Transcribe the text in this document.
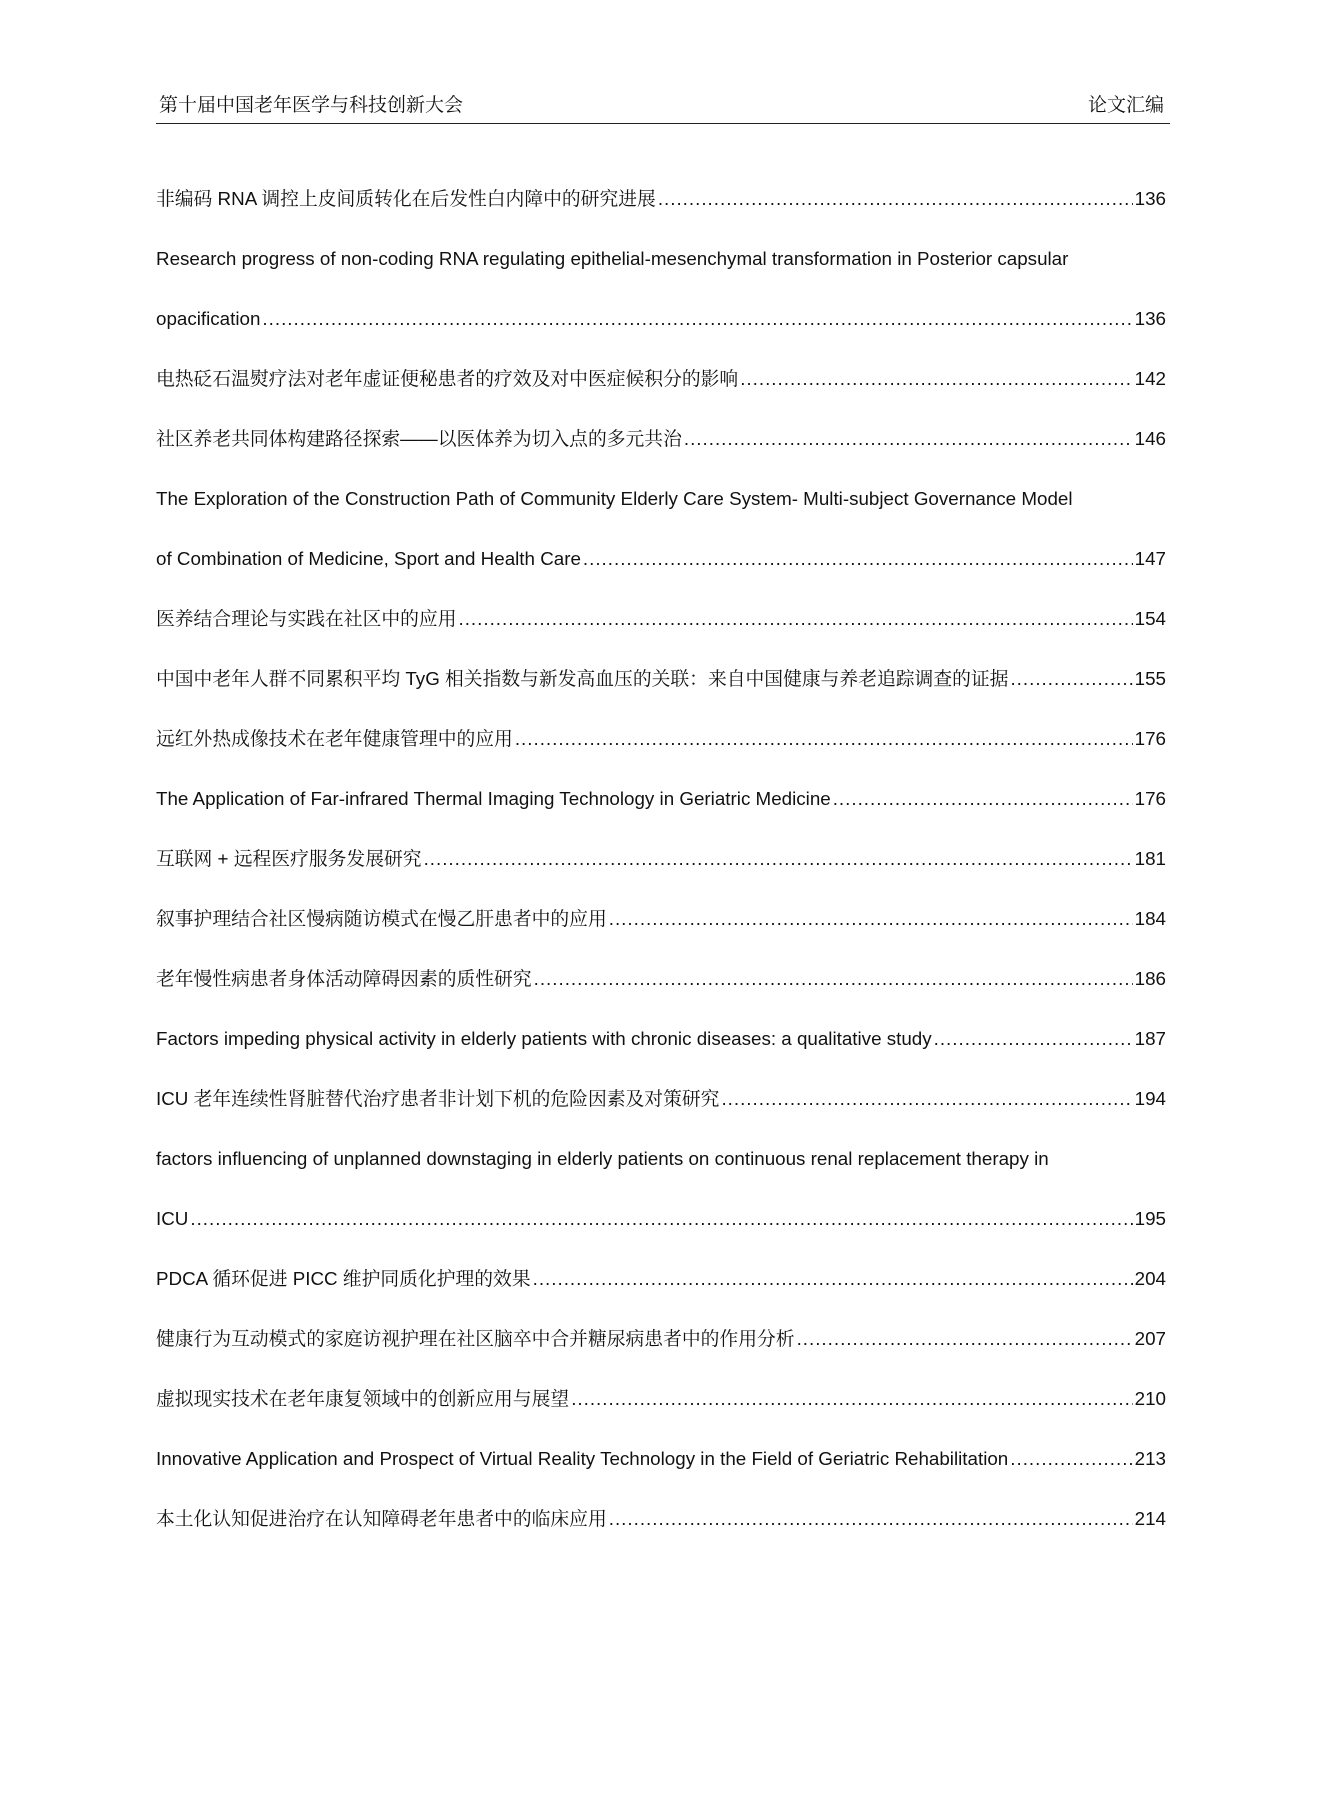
第十届中国老年医学与科技创新大会	论文汇编
非编码 RNA 调控上皮间质转化在后发性白内障中的研究进展 .....	136
Research progress of non-coding RNA regulating epithelial-mesenchymal transformation in Posterior capsular
opacification .....	136
电热砭石温熨疗法对老年虚证便秘患者的疗效及对中医症候积分的影响 .....	142
社区养老共同体构建路径探索——以医体养为切入点的多元共治 .....	146
The Exploration of the Construction Path of Community Elderly Care System- Multi-subject Governance Model
of Combination of Medicine, Sport and Health Care .....	147
医养结合理论与实践在社区中的应用 .....	154
中国中老年人群不同累积平均 TyG 相关指数与新发高血压的关联：来自中国健康与养老追踪调查的证据 .....	155
远红外热成像技术在老年健康管理中的应用 .....	176
The Application of Far-infrared Thermal Imaging Technology in Geriatric Medicine .....	176
互联网 + 远程医疗服务发展研究 .....	181
叙事护理结合社区慢病随访模式在慢乙肝患者中的应用 .....	184
老年慢性病患者身体活动障碍因素的质性研究 .....	186
Factors impeding physical activity in elderly patients with chronic diseases: a qualitative study .....	187
ICU 老年连续性肾脏替代治疗患者非计划下机的危险因素及对策研究 .....	194
factors influencing of unplanned downstaging in elderly patients on continuous renal replacement therapy in
ICU .....	195
PDCA 循环促进 PICC 维护同质化护理的效果 .....	204
健康行为互动模式的家庭访视护理在社区脑卒中合并糖尿病患者中的作用分析 .....	207
虚拟现实技术在老年康复领域中的创新应用与展望 .....	210
Innovative Application and Prospect of Virtual Reality Technology in the Field of Geriatric Rehabilitation .....	213
本土化认知促进治疗在认知障碍老年患者中的临床应用 .....	214
